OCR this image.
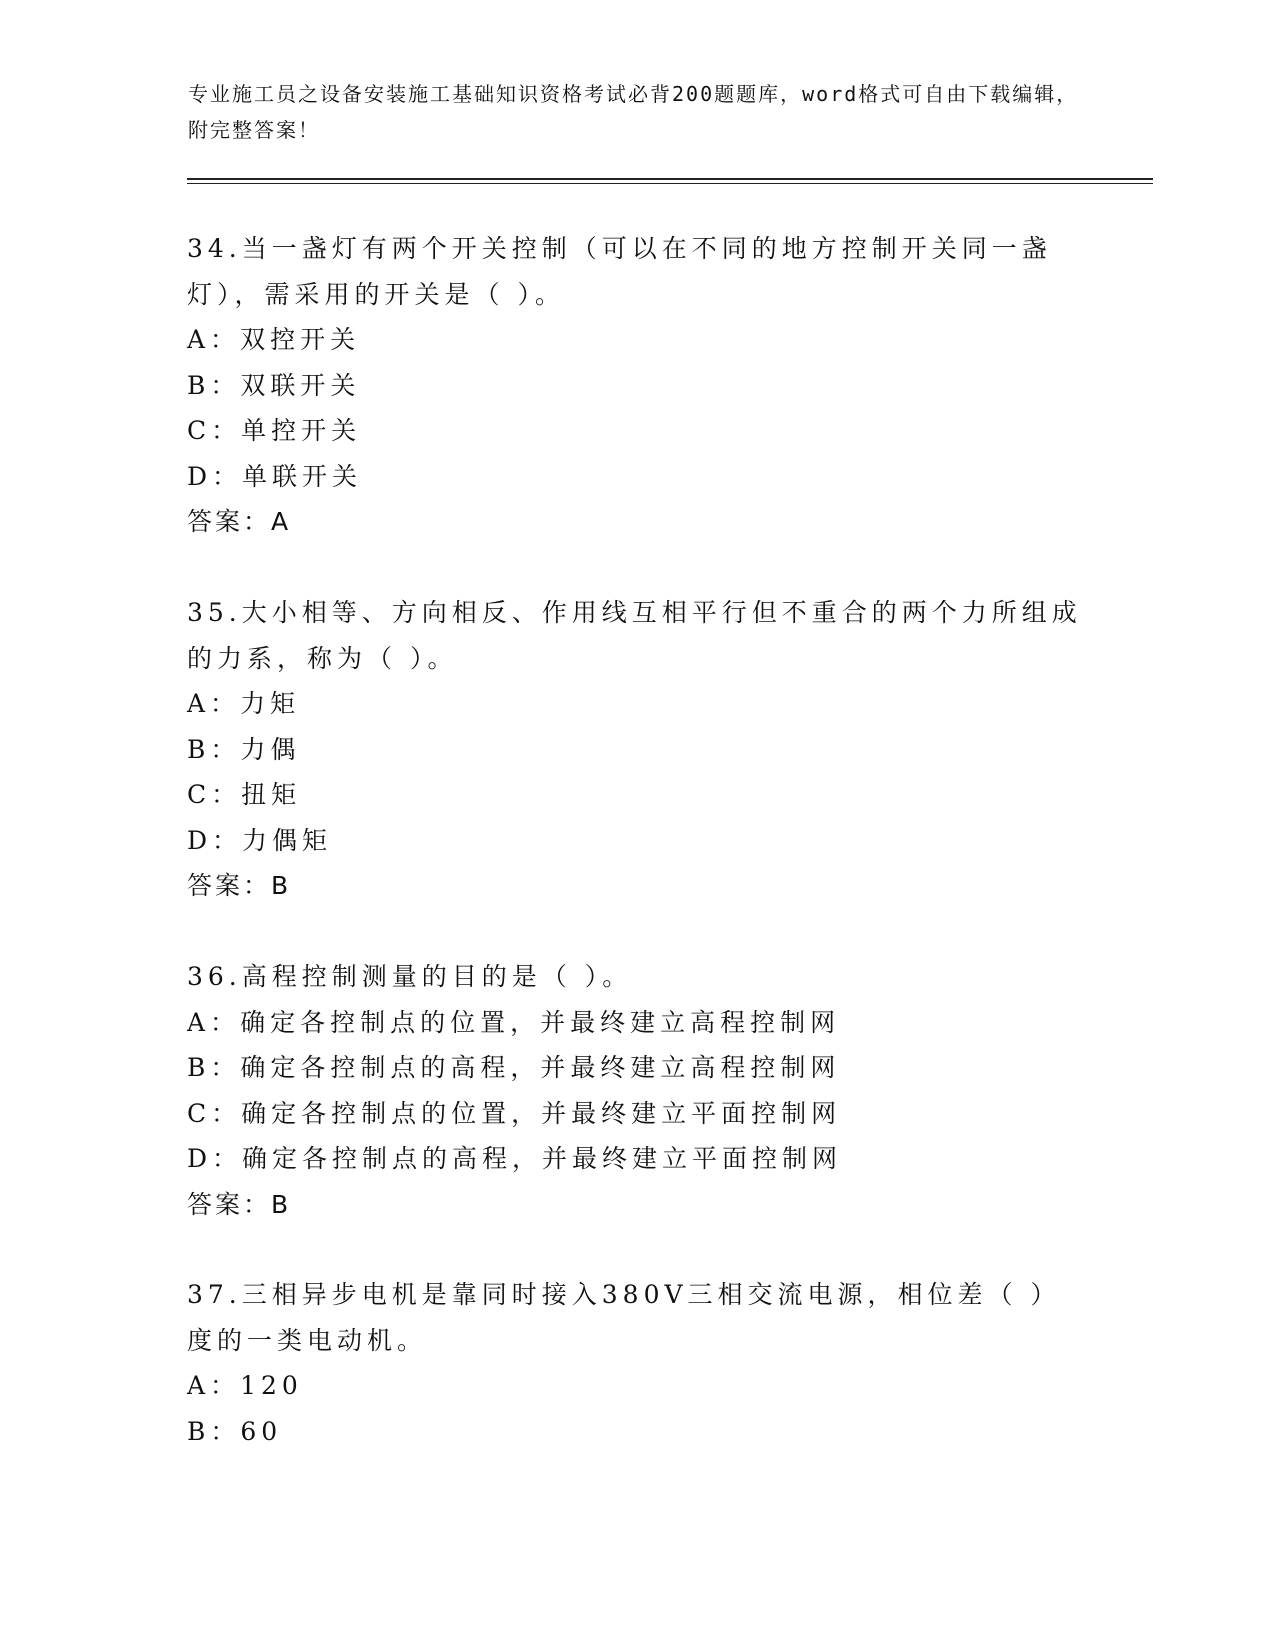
专业施工员之设备安装施工基础知识资格考试必背200题题库，word格式可自由下载编辑，附完整答案！

34.当一盏灯有两个开关控制（可以在不同的地方控制开关同一盏灯），需采用的开关是（ ）。

A：双控开关

B：双联开关

C：单控开关

D：单联开关

答案：A

35.大小相等、方向相反、作用线互相平行但不重合的两个力所组成的力系，称为（ ）。

A：力矩

B：力偶

C：扭矩

D：力偶矩

答案：B

36.高程控制测量的目的是（ ）。

A：确定各控制点的位置，并最终建立高程控制网

B：确定各控制点的高程，并最终建立高程控制网

C：确定各控制点的位置，并最终建立平面控制网

D：确定各控制点的高程，并最终建立平面控制网

答案：B

37.三相异步电机是靠同时接入380V三相交流电源，相位差（ ）度的一类电动机。

A：120

B：60
